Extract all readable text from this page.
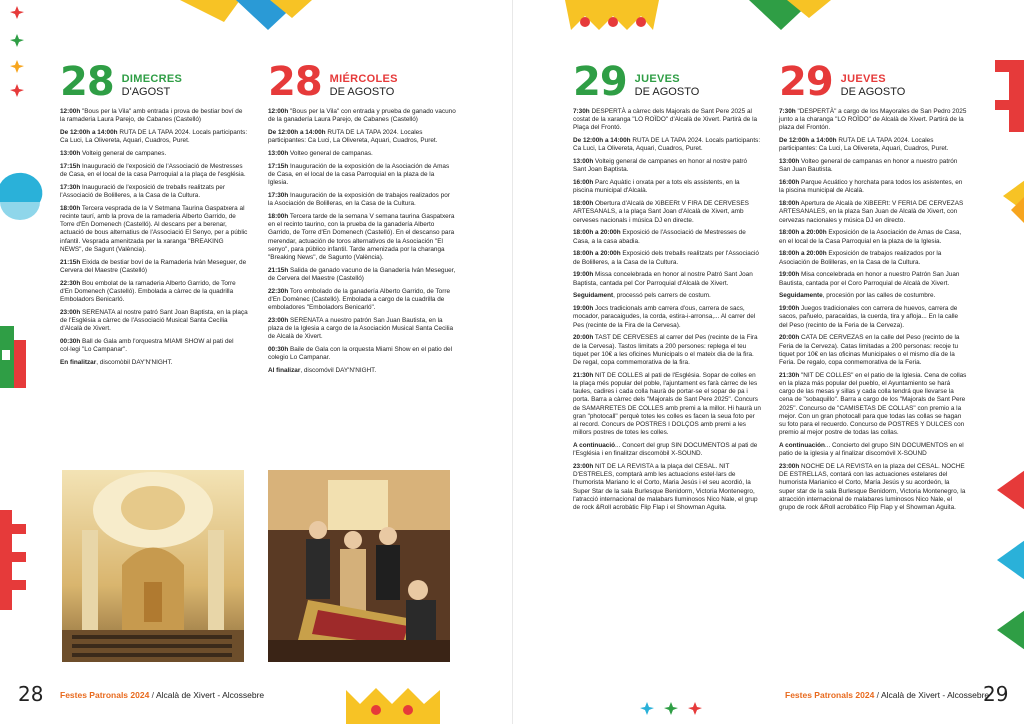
28 DIMECRES
D'AGOST

12:00h "Bous per la Vila" amb entrada i prova de bestiar boví de la ramaderia Laura Parejo, de Cabanes (Castelló)

De 12:00h a 14:00h RUTA DE LA TAPA 2024. Locals participants: Ca Luci, La Olivereta, Aquari, Cuadros, Puret.

13:00h Volteig general de campanes.

17:15h Inauguració de l'exposició de l'Associació de Mestresses de Casa, en el local de la casa Parroquial a la plaça de l'església.

17:30h Inauguració de l'exposició de treballs realitzats per l'Associació de Bolilleres, a la Casa de la Cultura.

18:00h Tercera vesprada de la V Setmana Taurina Gaspatxera al recinte taurí, amb la prova de la ramaderia Alberto Garrido, de Torre d'En Domenech (Castelló). Al descans per a berenar, actuació de bous alternatius de l'Associació El Senyo, per a públic infantil. Vesprada amenitzada per la xaranga "BREAKING NEWS", de Sagunt (València).

21:15h Eixida de bestiar boví de la Ramaderia Iván Meseguer, de Cervera del Maestre (Castelló)

22:30h Bou embolat de la ramaderia Alberto Garrido, de Torre d'En Domenech (Castelló). Emboladа a càrrec de la quadrilla Emboladors Benicarló.

23:00h SERENATA al nostre patró Sant Joan Baptista, en la plaça de l'Església a càrrec de l'Associació Musical Santa Cecília d'Alcalà de Xivert.

00:30h Ball de Gala amb l'orquestra MIAMI SHOW al pati del col·legi "Lo Campanar".

En finalitzar, discomòbil DAY'N'NIGHT.

28 MIÉRCOLES
DE AGOSTO

12:00h "Bous per la Vila" con entrada y prueba de ganado vacuno de la ganadería Laura Parejo, de Cabanes (Castelló)

De 12:00h a 14:00h RUTA DE LA TAPA 2024. Locales participantes: Ca Luci, La Olivereta, Aquari, Cuadros, Puret.

13:00h Volteo general de campanas.

17:15h Inauguración de la exposición de la Asociación de Amas de Casa, en el local de la casa Parroquial en la plaza de la Iglesia.

17:30h Inauguración de la exposición de trabajos realizados por la Asociación de Bolilleras, en la Casa de la Cultura.

18:00h Tercera tarde de la semana V semana taurina Gaspatxera en el recinto taurino, con la prueba de la ganadería Alberto Garrido, de Torre d'En Domenech (Castelló). En el descanso para merendar, actuación de toros alternativos de la Asociación "El senyo", para público infantil. Tarde amenizada por la charanga "Breaking News", de Sagunto (València).

21:15h Salida de ganado vacuno de la Ganadería Iván Meseguer, de Cervera del Maestre (Castelló)

22:30h Toro embolado de la ganadería Alberto Garrido, de Torre d'En Domènec (Castelló). Emboladа a cargo de la cuadrilla de emboladores "Emboladors Benicarló".

23:00h SERENATA a nuestro patrón San Juan Bautista, en la plaza de la Iglesia a cargo de la Asociación Musical Santa Cecilia de Alcalà de Xivert.

00:30h Baile de Gala con la orquesta Miami Show en el patio del colegio Lo Campanar.

Al finalizar, discomóvil DAY'N'NIGHT.

28 Festes Patronals 2024 / Alcalà de Xivert - Alcossebre
29 JUEVES
DE AGOSTO

7:30h DESPERTÀ a càrrec dels Majorals de Sant Pere 2025 al costat de la xaranga "LO ROÏDO" d'Alcalà de Xivert. Partirà de la Plaça del Frontó.

De 12:00h a 14:00h RUTA DE LA TAPA 2024. Locals participants: Ca Luci, La Olivereta, Aquari, Cuadros, Puret.

13:00h Volteig general de campanes en honor al nostre patró Sant Joan Baptista.

16:00h Parc Aquàtic i orxata per a tots els assistents, en la piscina municipal d'Alcalà.

18:00h Obertura d'Alcalà de XiBEERt V FIRA DE CERVESES ARTESANALS, a la plaça Sant Joan d'Alcalà de Xivert, amb cerveses nacionals i música DJ en directe.

18:00h a 20:00h Exposició de l'Associació de Mestresses de Casa, a la casa abadia.

18:00h a 20:00h Exposició dels treballs realitzats per l'Associació de Bolilleres, a la Casa de la Cultura.

19:00h Missa concelebrada en honor al nostre Patró Sant Joan Baptista, cantada pel Cor Parroquial d'Alcalà de Xivert.

Seguidament, processó pels carrers de costum.

19:00h Jocs tradicionals amb carrera d'ous, carrera de sacs, mocador, paracaigudes, la corda, estira-i-arronsa,... Al carrer del Pes (recinte de la Fira de la Cervesa).

20:00h TAST DE CERVESES al carrer del Pes (recinte de la Fira de la Cervesa). Tastos limitats a 200 persones: replega el teu tiquet per 10€ a les oficines Municipals o el mateix dia de la fira. De regal, copa commemorativa de la fira.

21:30h NIT DE COLLES al pati de l'Església. Sopar de colles en la plaça més popular del poble, l'ajuntament es farà càrrec de les taules, cadires i cada colla haurà de portar-se el sopar de pa i porta. Barra a càrrec dels "Majorals de Sant Pere 2025". Concurs de SAMARRETES DE COLLES amb premi a la millor. Hi haurà un gran "photocall" perquè totes les colles es facen la seua foto per al record. Concurs de POSTRES I DOLÇOS amb premi a les millors postres de totes les colles.

A continuació... Concert del grup SIN DOCUMENTOS al pati de l'Església i en finalitzar discomòbil X-SOUND.

23:00h NIT DE LA REVISTA a la plaça del CESAL. NIT D'ESTRELES, comptarà amb les actuacions estel·lars de l'humorista Mariano Ic el Corto, Maria Jesús i el seu acordió, la Super Star de la sala Burlesque Benidorm, Victoria Montenegro, l'atracció internacional de malabars lluminosos Nico Nale, el grup de rock &Roll acrobàtic Flip Flap i el Showman Aguita.

29 JUEVES
DE AGOSTO

7:30h "DESPERTÀ" a cargo de los Mayorales de San Pedro 2025 junto a la charanga "LO ROÏDO" de Alcalà de Xivert. Partirá de la plaza del Frontón.

De 12:00h a 14:00h RUTA DE LA TAPA 2024. Locales participantes: Ca Luci, La Olivereta, Aquari, Cuadros, Puret.

13:00h Volteo general de campanas en honor a nuestro patrón San Juan Bautista.

16:00h Parque Acuático y horchata para todos los asistentes, en la piscina municipal de Alcalà.

18:00h Apertura de Alcalà de XiBEERt: V FERIA DE CERVEZAS ARTESANALES, en la plaza San Juan de Alcalà de Xivert, con cervezas nacionales y música DJ en directo.

18:00h a 20:00h Exposición de la Asociación de Amas de Casa, en el local de la Casa Parroquial en la plaza de la Iglesia.

18:00h a 20:00h Exposición de trabajos realizados por la Asociación de Bolilleras, en la Casa de la Cultura.

19:00h Misa concelebrada en honor a nuestro Patrón San Juan Bautista, cantada por el Coro Parroquial de Alcalà de Xivert.

Seguidamente, procesión por las calles de costumbre.

19:00h Juegos tradicionales con carrera de huevos, carrera de sacos, pañuelo, paracaídas, la cuerda, tira y afloja... En la calle del Peso (recinto de la Feria de la Cerveza).

20:00h CATA DE CERVEZAS en la calle del Peso (recinto de la Feria de la Cerveza). Catas limitadas a 200 personas: recoje tu tiquet por 10€ en las oficinas Municipales o el mismo día de la Feria. De regalo, copa conmemorativa de la Feria.

21:30h "NIT DE COLLES" en el patio de la Iglesia. Cena de collas en la plaza más popular del pueblo, el Ayuntamiento se hará cargo de las mesas y sillas y cada colla tendrá que llevarse la cena de "sobaquillo". Barra a cargo de los "Majorals de Sant Pere 2025". Concurso de "CAMISETAS DE COLLAS" con premio a la mejor. Con un gran photocall para que todas las collas se hagan su foto para el recuerdo. Concurso de POSTRES Y DULCES con premio al mejor postre de todas las collas.

A continuación... Concierto del grupo SIN DOCUMENTOS en el patio de la iglesia y al finalizar discomóvil X-SOUND

23:00h NOCHE DE LA REVISTA en la plaza del CESAL. NOCHE DE ESTRELLAS, contará con las actuaciones estelares del humorista Marianico el Corto, María Jesús y su acordeón, la super star de la sala Burlesque Benidorm, Victoria Montenegro, la atracción internacional de malabares luminosos Nico Nale, el grupo de rock &Roll acrobático Flip Flap y el Showman Aguita.

Festes Patronals 2024 / Alcalà de Xivert - Alcossebre
29
